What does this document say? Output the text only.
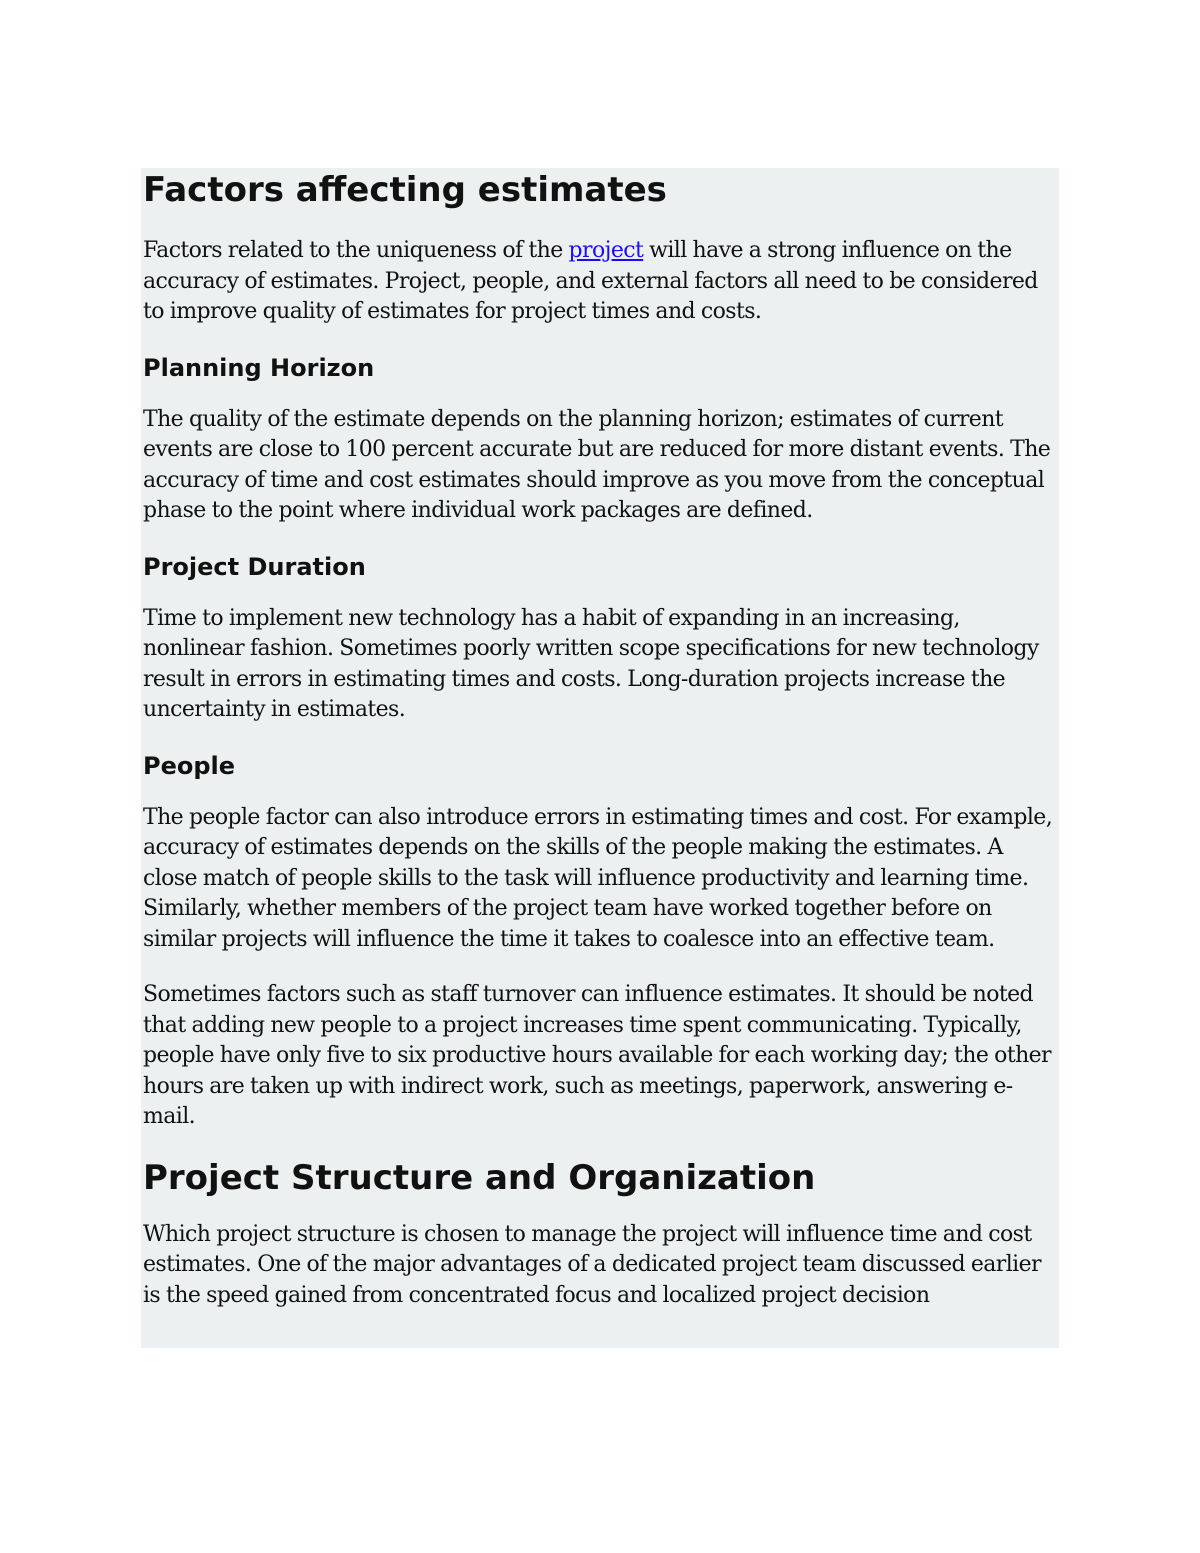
Factors affecting estimates

Factors related to the uniqueness of the project will have a strong influence on the accuracy of estimates. Project, people, and external factors all need to be considered to improve quality of estimates for project times and costs.

Planning Horizon

The quality of the estimate depends on the planning horizon; estimates of current events are close to 100 percent accurate but are reduced for more distant events. The accuracy of time and cost estimates should improve as you move from the conceptual phase to the point where individual work packages are defined.

Project Duration

Time to implement new technology has a habit of expanding in an increasing, nonlinear fashion. Sometimes poorly written scope specifications for new technology result in errors in estimating times and costs. Long-duration projects increase the uncertainty in estimates.

People

The people factor can also introduce errors in estimating times and cost. For example, accuracy of estimates depends on the skills of the people making the estimates. A close match of people skills to the task will influence productivity and learning time. Similarly, whether members of the project team have worked together before on similar projects will influence the time it takes to coalesce into an effective team.

Sometimes factors such as staff turnover can influence estimates. It should be noted that adding new people to a project increases time spent communicating. Typically, people have only five to six productive hours available for each working day; the other hours are taken up with indirect work, such as meetings, paperwork, answering e-mail.

Project Structure and Organization

Which project structure is chosen to manage the project will influence time and cost estimates. One of the major advantages of a dedicated project team discussed earlier is the speed gained from concentrated focus and localized project decision
